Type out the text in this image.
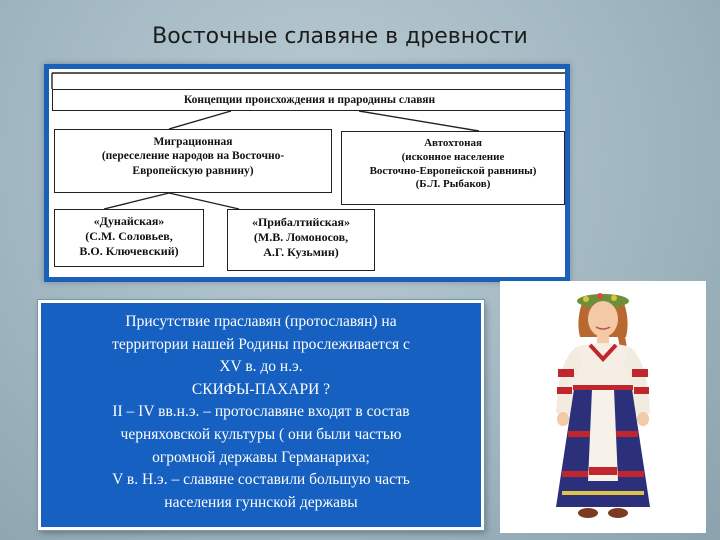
Восточные славяне в древности
Концепции происхождения и прародины славян
Миграционная
(переселение народов на Восточно-
Европейскую равнину)
Автохтоная
(исконное население
Восточно-Европейской равнины)
(Б.Л. Рыбаков)
«Дунайская»
(С.М. Соловьев,
В.О. Ключевский)
«Прибалтийская»
(М.В. Ломоносов,
А.Г. Кузьмин)
Присутствие праславян (протославян) на
территории нашей Родины прослеживается с
XV в. до н.э.
СКИФЫ-ПАХАРИ ?
II – IV вв.н.э. – протославяне входят в состав
черняховской культуры ( они были частью
огромной державы Германариха;
V в. Н.э. – славяне составили большую часть
населения гуннской державы
